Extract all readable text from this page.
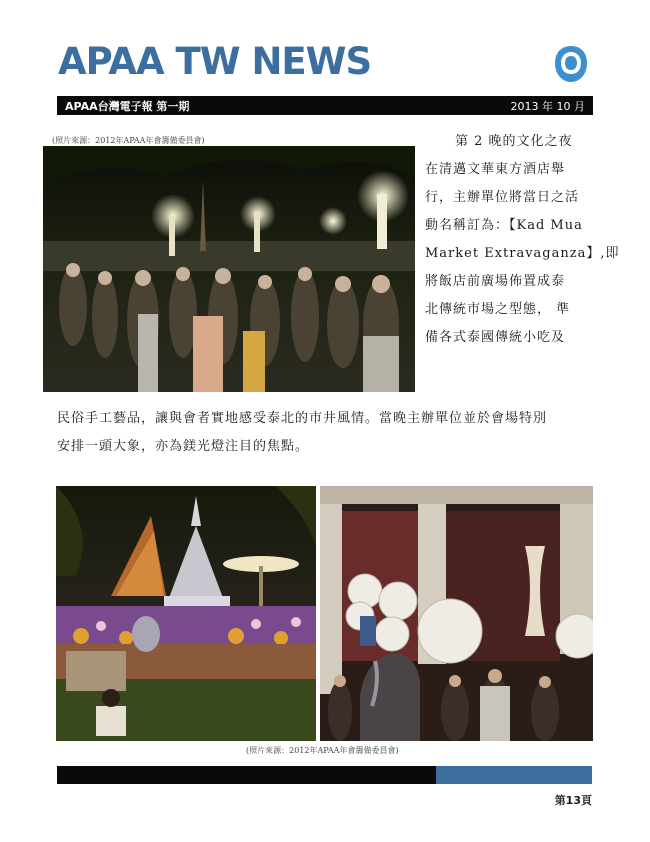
APAA TW NEWS
APAA台灣電子報 第一期	2013 年 10 月
(照片來源：2012年APAA年會籌備委員會)	第 2 晚的文化之夜
在清邁文華東方酒店舉
行，主辦單位將當日之活
動名稱訂為：【Kad Mua
Market Extravaganza】,即
將飯店前廣場佈置成泰
北傳統市場之型態， 準
備各式泰國傳統小吃及
民俗手工藝品，讓與會者實地感受泰北的市井風情。當晚主辦單位並於會場特別
安排一頭大象，亦為鎂光燈注目的焦點。
(照片來源：2012年APAA年會籌備委員會)
第13頁
